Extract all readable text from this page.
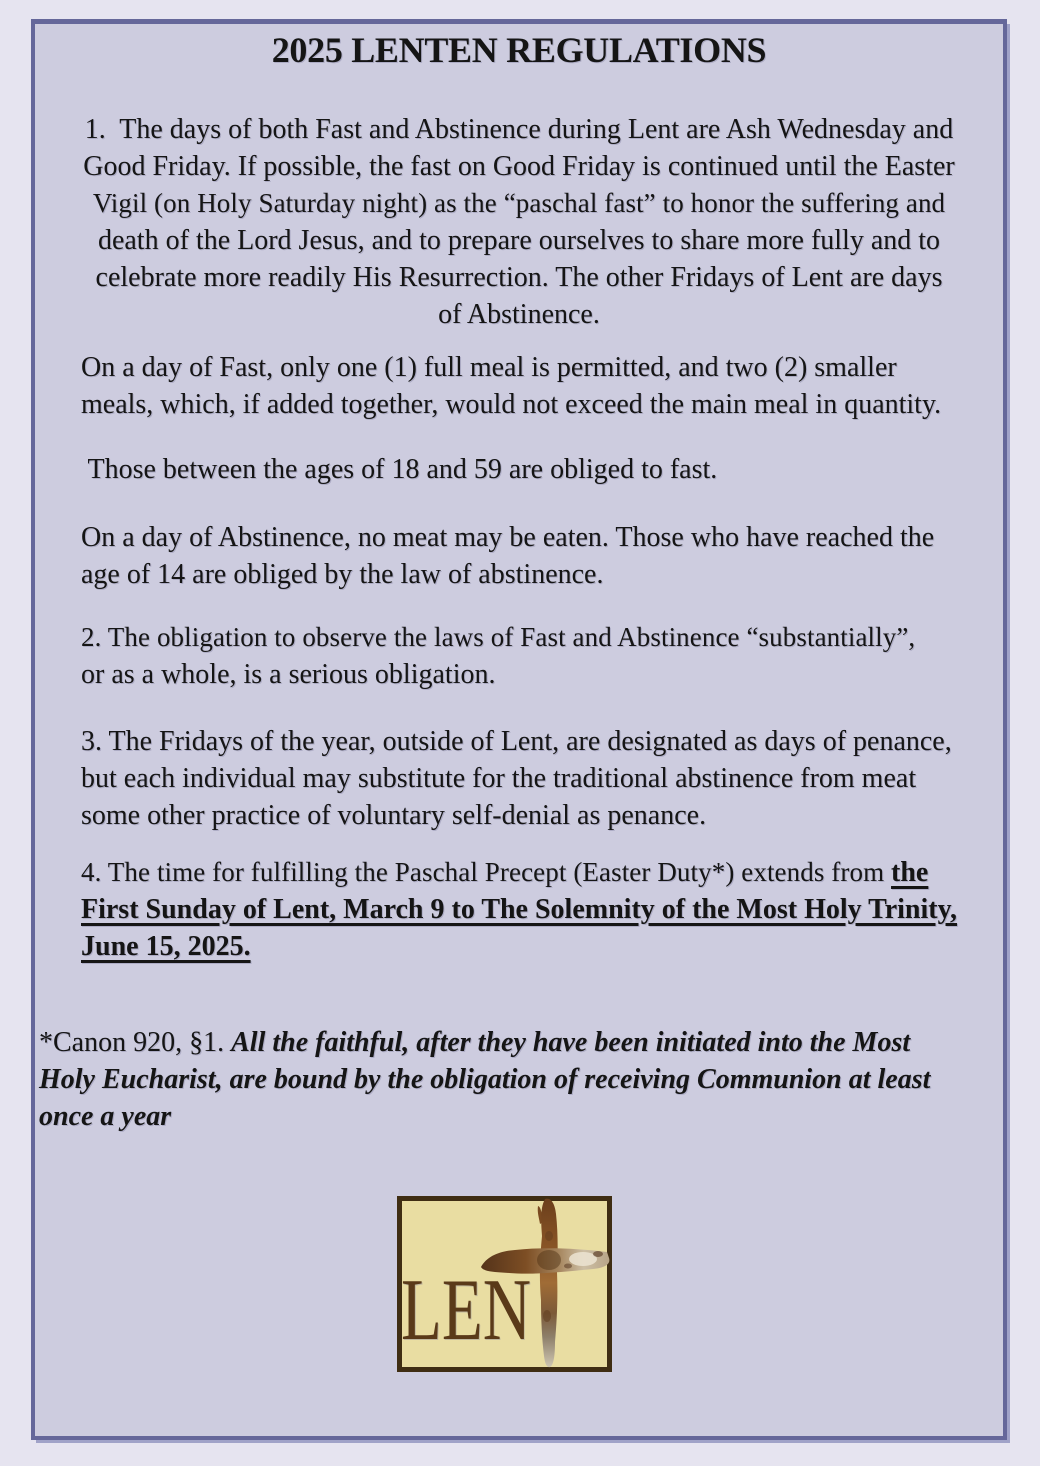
2025 LENTEN REGULATIONS
1.  The days of both Fast and Abstinence during Lent are Ash Wednesday and
Good Friday. If possible, the fast on Good Friday is continued until the Easter
Vigil (on Holy Saturday night) as the “paschal fast” to honor the suffering and
death of the Lord Jesus, and to prepare ourselves to share more fully and to
celebrate more readily His Resurrection. The other Fridays of Lent are days
of Abstinence.
On a day of Fast, only one (1) full meal is permitted, and two (2) smaller
meals, which, if added together, would not exceed the main meal in quantity.
Those between the ages of 18 and 59 are obliged to fast.
On a day of Abstinence, no meat may be eaten. Those who have reached the
age of 14 are obliged by the law of abstinence.
2. The obligation to observe the laws of Fast and Abstinence “substantially”,
or as a whole, is a serious obligation.
3. The Fridays of the year, outside of Lent, are designated as days of penance,
but each individual may substitute for the traditional abstinence from meat
some other practice of voluntary self-denial as penance.
4. The time for fulfilling the Paschal Precept (Easter Duty*) extends from the
First Sunday of Lent, March 9 to The Solemnity of the Most Holy Trinity,
June 15, 2025.
*Canon 920, §1. All the faithful, after they have been initiated into the Most
Holy Eucharist, are bound by the obligation of receiving Communion at least
once a year
LEN
